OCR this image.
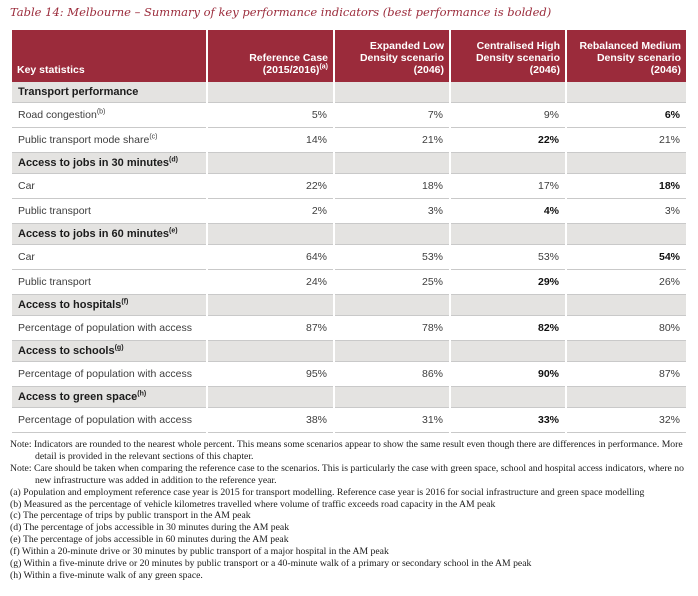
Table 14: Melbourne – Summary of key performance indicators (best performance is bolded)
Key statistics	Reference Case $(2015/2016)^{(a)}$	Expanded Low Density scenario (2046)	Centralised High Density scenario (2046)	Rebalanced Medium Density scenario (2046)
Transport performance				
Road congestion$^{(b)}$	5%	7%	9%	6%
Public transport mode share$^{(c)}$	14%	21%	22%	21%
Access to jobs in 30 minutes$^{(d)}$				
Car	22%	18%	17%	18%
Public transport	2%	3%	4%	3%
Access to jobs in 60 minutes$^{(e)}$				
Car	64%	53%	53%	54%
Public transport	24%	25%	29%	26%
Access to hospitals$^{(f)}$				
Percentage of population with access	87%	78%	82%	80%
Access to schools$^{(g)}$				
Percentage of population with access	95%	86%	90%	87%
Access to green space$^{(h)}$				
Percentage of population with access	38%	31%	33%	32%
Note: Indicators are rounded to the nearest whole percent. This means some scenarios appear to show the same result even though there are differences in performance. More detail is provided in the relevant sections of this chapter.
Note: Care should be taken when comparing the reference case to the scenarios. This is particularly the case with green space, school and hospital access indicators, where no new infrastructure was added in addition to the reference year.
(a) Population and employment reference case year is 2015 for transport modelling. Reference case year is 2016 for social infrastructure and green space modelling
(b) Measured as the percentage of vehicle kilometres travelled where volume of traffic exceeds road capacity in the AM peak
(c) The percentage of trips by public transport in the AM peak
(d) The percentage of jobs accessible in 30 minutes during the AM peak
(e) The percentage of jobs accessible in 60 minutes during the AM peak
(f) Within a 20-minute drive or 30 minutes by public transport of a major hospital in the AM peak
(g) Within a five-minute drive or 20 minutes by public transport or a 40-minute walk of a primary or secondary school in the AM peak
(h) Within a five-minute walk of any green space.
